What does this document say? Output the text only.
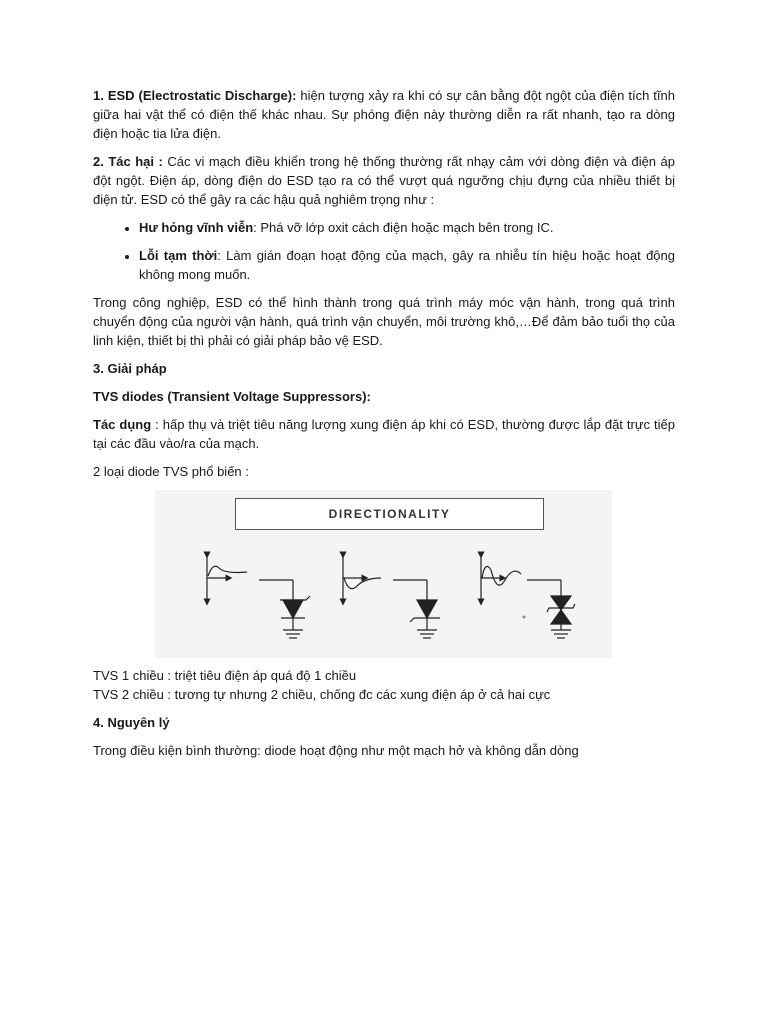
1. ESD (Electrostatic Discharge): hiện tượng xảy ra khi có sự cân bằng đột ngột của điện tích tĩnh giữa hai vật thể có điện thế khác nhau. Sự phóng điện này thường diễn ra rất nhanh, tạo ra dòng điện hoặc tia lửa điện.

2. Tác hại : Các vi mạch điều khiển trong hệ thống thường rất nhạy cảm với dòng điện và điện áp đột ngột. Điện áp, dòng điện do ESD tạo ra có thể vượt quá ngưỡng chịu đựng của nhiều thiết bị điện tử. ESD có thể gây ra các hậu quả nghiêm trọng như :

• Hư hỏng vĩnh viễn: Phá vỡ lớp oxit cách điện hoặc mạch bên trong IC.
• Lỗi tạm thời: Làm gián đoạn hoạt động của mạch, gây ra nhiễu tín hiệu hoặc hoạt động không mong muốn.

Trong công nghiệp, ESD có thể hình thành trong quá trình máy móc vận hành, trong quá trình chuyển động của người vận hành, quá trình vận chuyển, môi trường khô,…Để đảm bảo tuổi thọ của linh kiện, thiết bị thì phải có giải pháp bảo vệ ESD.

3. Giải pháp

TVS diodes (Transient Voltage Suppressors):

Tác dụng : hấp thụ và triệt tiêu năng lượng xung điện áp khi có ESD, thường được lắp đặt trực tiếp tại các đầu vào/ra của mạch.

2 loại diode TVS phổ biến :

DIRECTIONALITY

TVS 1 chiều : triệt tiêu điện áp quá độ 1 chiều

TVS 2 chiều : tương tự nhưng 2 chiều, chống đc các xung điện áp ở cả hai cực

4. Nguyên lý

Trong điều kiện bình thường: diode hoạt động như một mạch hở và không dẫn dòng
